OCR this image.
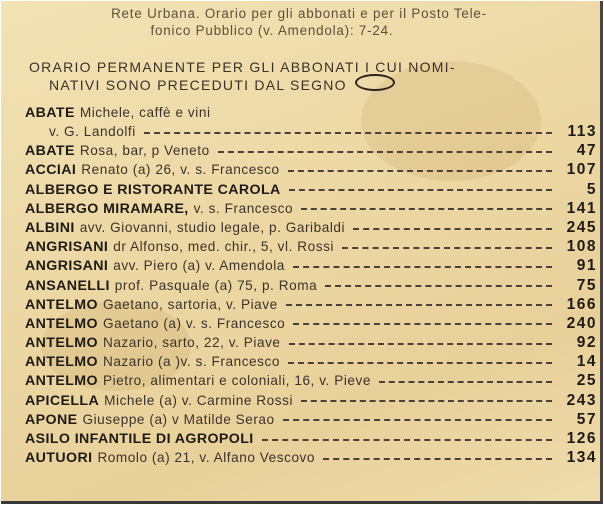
Rete Urbana. Orario per gli abbonati e per il Posto Tele-
fonico Pubblico (v. Amendola): 7-24.
ORARIO PERMANENTE PER GLI ABBONATI I CUI NOMI-
NATIVI SONO PRECEDUTI DAL SEGNO
ABATE Michele, caffè e vini
v. G. Landolfi	113
ABATE Rosa, bar, p Veneto	47
ACCIAI Renato (a) 26, v. s. Francesco	107
ALBERGO E RISTORANTE CAROLA	5
ALBERGO MIRAMARE, v. s. Francesco	141
ALBINI avv. Giovanni, studio legale, p. Garibaldi	245
ANGRISANI dr Alfonso, med. chir., 5, vl. Rossi	108
ANGRISANI avv. Piero (a) v. Amendola	91
ANSANELLI prof. Pasquale (a) 75, p. Roma	75
ANTELMO Gaetano, sartoria, v. Piave	166
ANTELMO Gaetano (a) v. s. Francesco	240
ANTELMO Nazario, sarto, 22, v. Piave	92
ANTELMO Nazario (a )v. s. Francesco	14
ANTELMO Pietro, alimentari e coloniali, 16, v. Pieve	25
APICELLA Michele (a) v. Carmine Rossi	243
APONE Giuseppe (a) v Matilde Serao	57
ASILO INFANTILE DI AGROPOLI	126
AUTUORI Romolo (a) 21, v. Alfano Vescovo	134
